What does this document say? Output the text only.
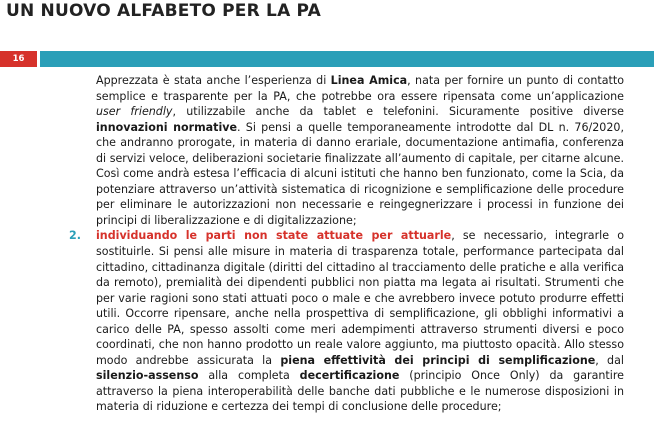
UN NUOVO ALFABETO PER LA PA
16

Apprezzata è stata anche l’esperienza di Linea Amica, nata per fornire un punto di contatto semplice e trasparente per la PA, che potrebbe ora essere ripensata come un’applicazione user friendly, utilizzabile anche da tablet e telefonini. Sicuramente positive diverse innovazioni normative. Si pensi a quelle temporaneamente introdotte dal DL n. 76/2020, che andranno prorogate, in materia di danno erariale, documentazione antimafia, conferenza di servizi veloce, deliberazioni societarie finalizzate all’aumento di capitale, per citarne alcune. Così come andrà estesa l’efficacia di alcuni istituti che hanno ben funzionato, come la Scia, da potenziare attraverso un’attività sistematica di ricognizione e semplificazione delle procedure per eliminare le autorizzazioni non necessarie e reingegnerizzare i processi in funzione dei principi di liberalizzazione e di digitalizzazione;

2. individuando le parti non state attuate per attuarle, se necessario, integrarle o sostituirle. Si pensi alle misure in materia di trasparenza totale, performance partecipata dal cittadino, cittadinanza digitale (diritti del cittadino al tracciamento delle pratiche e alla verifica da remoto), premialità dei dipendenti pubblici non piatta ma legata ai risultati. Strumenti che per varie ragioni sono stati attuati poco o male e che avrebbero invece potuto produrre effetti utili. Occorre ripensare, anche nella prospettiva di semplificazione, gli obblighi informativi a carico delle PA, spesso assolti come meri adempimenti attraverso strumenti diversi e poco coordinati, che non hanno prodotto un reale valore aggiunto, ma piuttosto opacità. Allo stesso modo andrebbe assicurata la piena effettività dei principi di semplificazione, dal silenzio-assenso alla completa decertificazione (principio Once Only) da garantire attraverso la piena interoperabilità delle banche dati pubbliche e le numerose disposizioni in materia di riduzione e certezza dei tempi di conclusione delle procedure;
